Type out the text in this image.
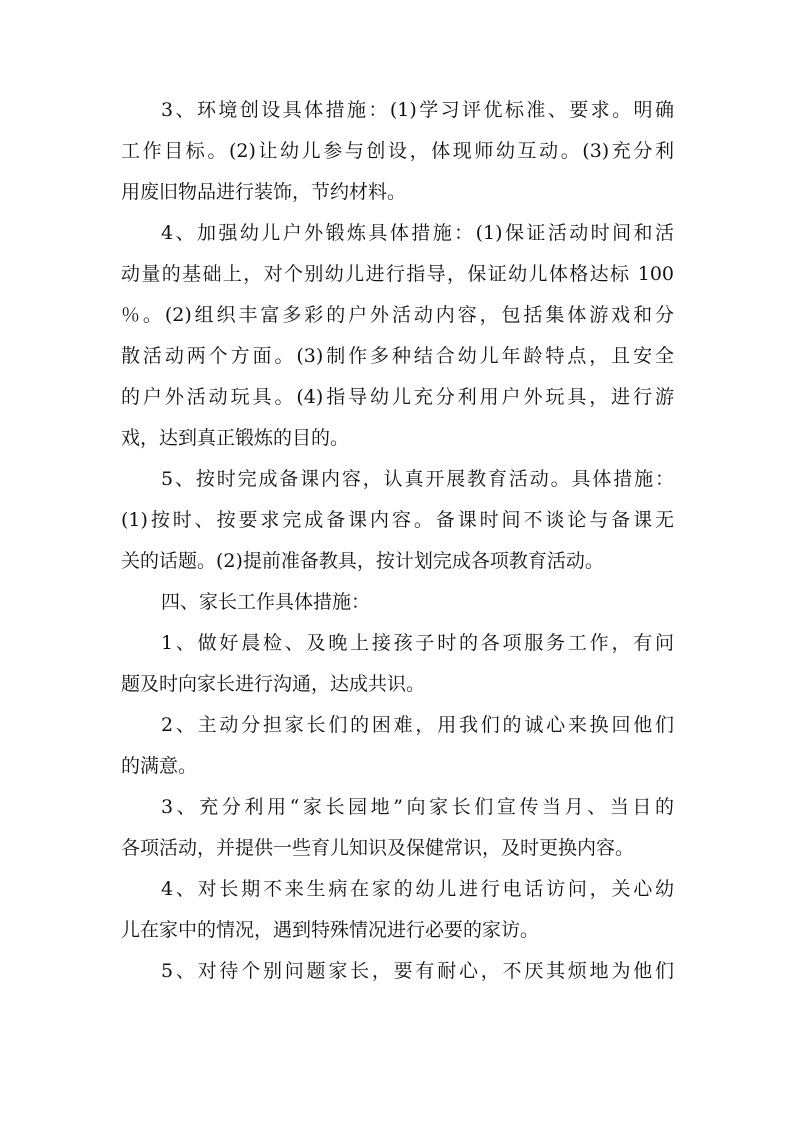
3、环境创设具体措施：(1)学习评优标准、要求。明确
工作目标。(2)让幼儿参与创设，体现师幼互动。(3)充分利
用废旧物品进行装饰，节约材料。
4、加强幼儿户外锻炼具体措施：(1)保证活动时间和活
动量的基础上，对个别幼儿进行指导，保证幼儿体格达标 100
％。(2)组织丰富多彩的户外活动内容，包括集体游戏和分
散活动两个方面。(3)制作多种结合幼儿年龄特点，且安全
的户外活动玩具。(4)指导幼儿充分利用户外玩具，进行游
戏，达到真正锻炼的目的。
5、按时完成备课内容，认真开展教育活动。具体措施：
(1)按时、按要求完成备课内容。备课时间不谈论与备课无
关的话题。(2)提前准备教具，按计划完成各项教育活动。
四、家长工作具体措施：
1、做好晨检、及晚上接孩子时的各项服务工作，有问
题及时向家长进行沟通，达成共识。
2、主动分担家长们的困难，用我们的诚心来换回他们
的满意。
3、充分利用“家长园地”向家长们宣传当月、当日的
各项活动，并提供一些育儿知识及保健常识，及时更换内容。
4、对长期不来生病在家的幼儿进行电话访问，关心幼
儿在家中的情况，遇到特殊情况进行必要的家访。
5、对待个别问题家长，要有耐心，不厌其烦地为他们
